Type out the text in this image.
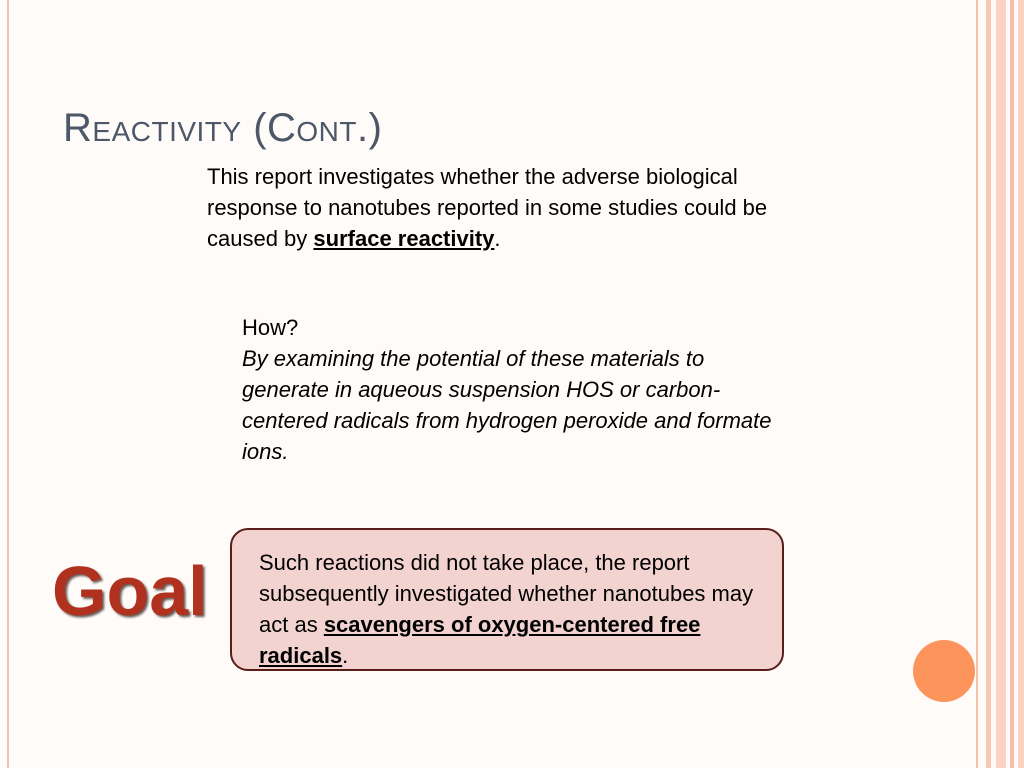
Reactivity (Cont.)

This report investigates whether the adverse biological response to nanotubes reported in some studies could be caused by surface reactivity.

How?
By examining the potential of these materials to generate in aqueous suspension HOS or carbon-centered radicals from hydrogen peroxide and formate ions.
Goal	Such reactions did not take place, the report subsequently investigated whether nanotubes may act as scavengers of oxygen-centered free radicals.
